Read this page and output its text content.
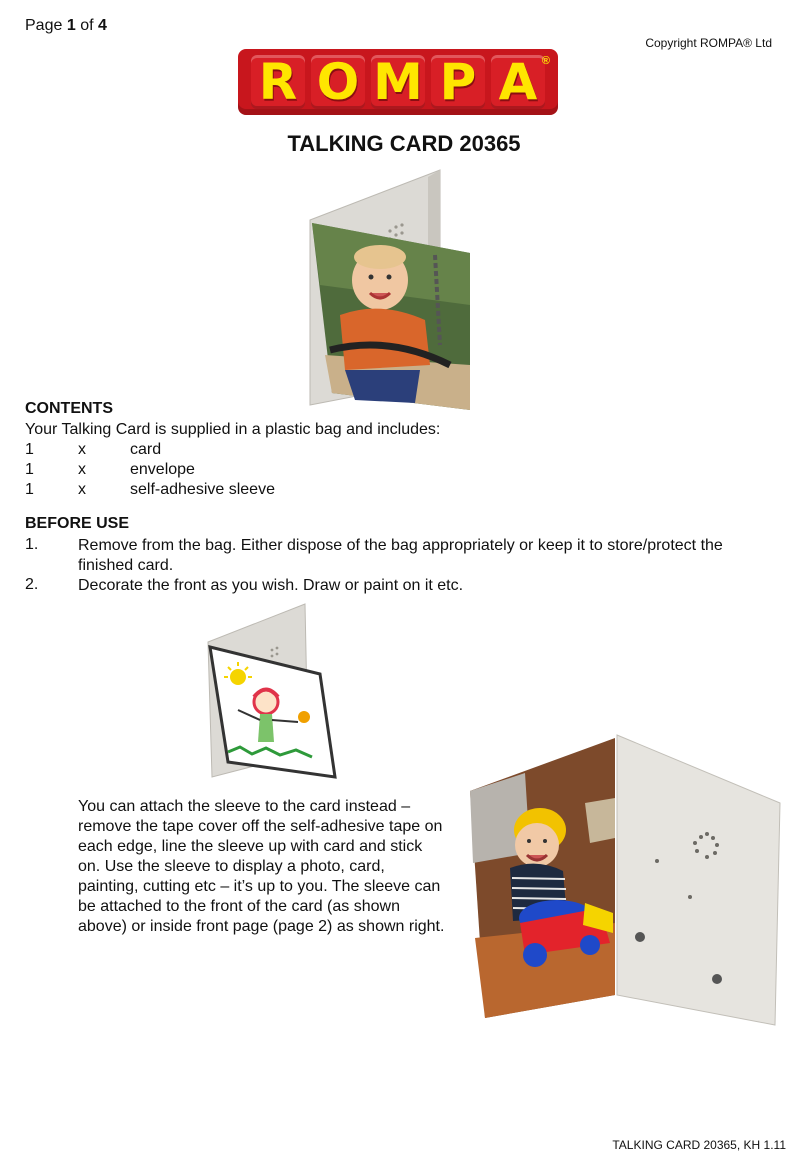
Page 1 of 4
Copyright ROMPA® Ltd
R O M P A ®
TALKING CARD 20365
CONTENTS
Your Talking Card is supplied in a plastic bag and includes:
1	x	card
1	x	envelope
1	x	self-adhesive sleeve
BEFORE USE
1. Remove from the bag. Either dispose of the bag appropriately or keep it to store/protect the finished card.
2. Decorate the front as you wish. Draw or paint on it etc.
You can attach the sleeve to the card instead – remove the tape cover off the self-adhesive tape on each edge, line the sleeve up with card and stick on. Use the sleeve to display a photo, card, painting, cutting etc – it’s up to you. The sleeve can be attached to the front of the card (as shown above) or inside front page (page 2) as shown right.
TALKING CARD 20365, KH 1.11
